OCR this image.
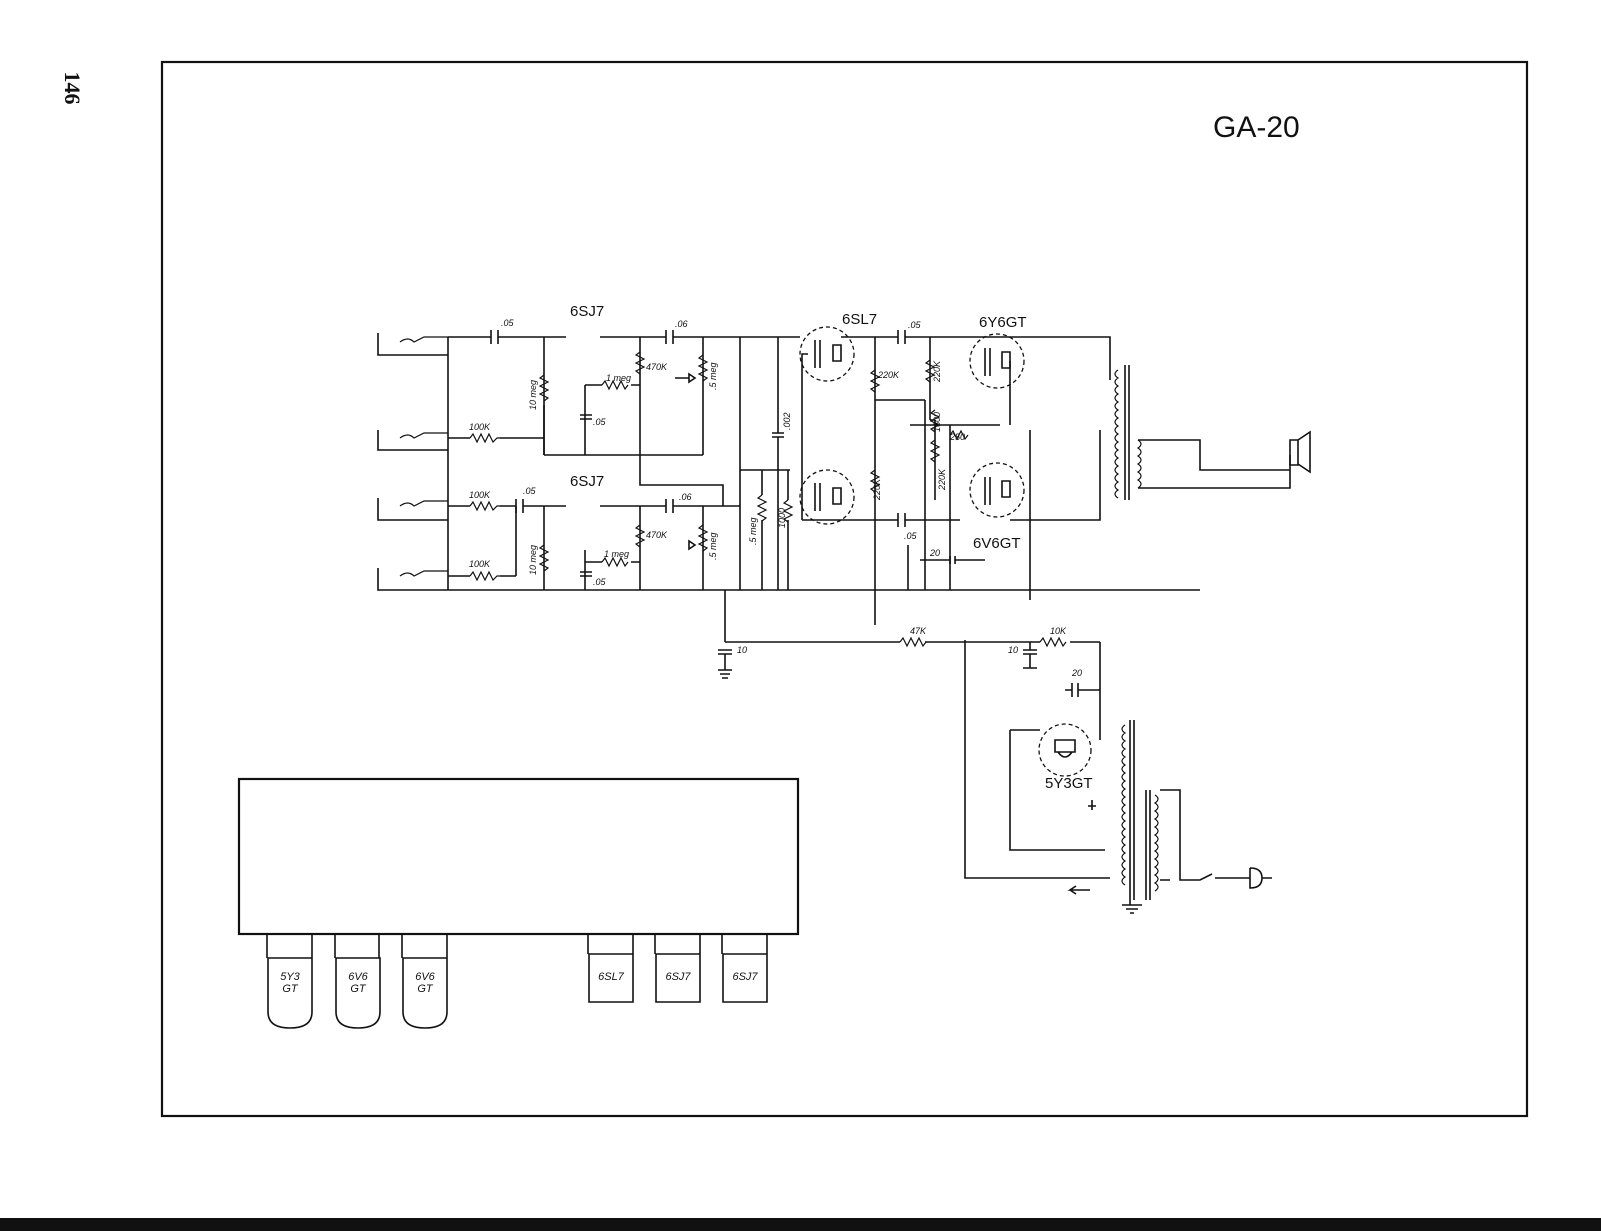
146
GA-20
6SJ7
6SJ7
6SL7	6Y6GT
6V6GT
5Y3GT
.05
.05
100K
100K
100K
10 meg
10 meg
.05
.05
1 meg
1 meg
470K
470K
.06
.06
.5 meg
.5 meg
.5 meg
.002
1000
.05
.05
220K	220K
220K	220K
1500
250
20
47K	10K
10	10
20
5Y3
GT
6V6
GT
6V6
GT
6SL7	6SJ7	6SJ7
